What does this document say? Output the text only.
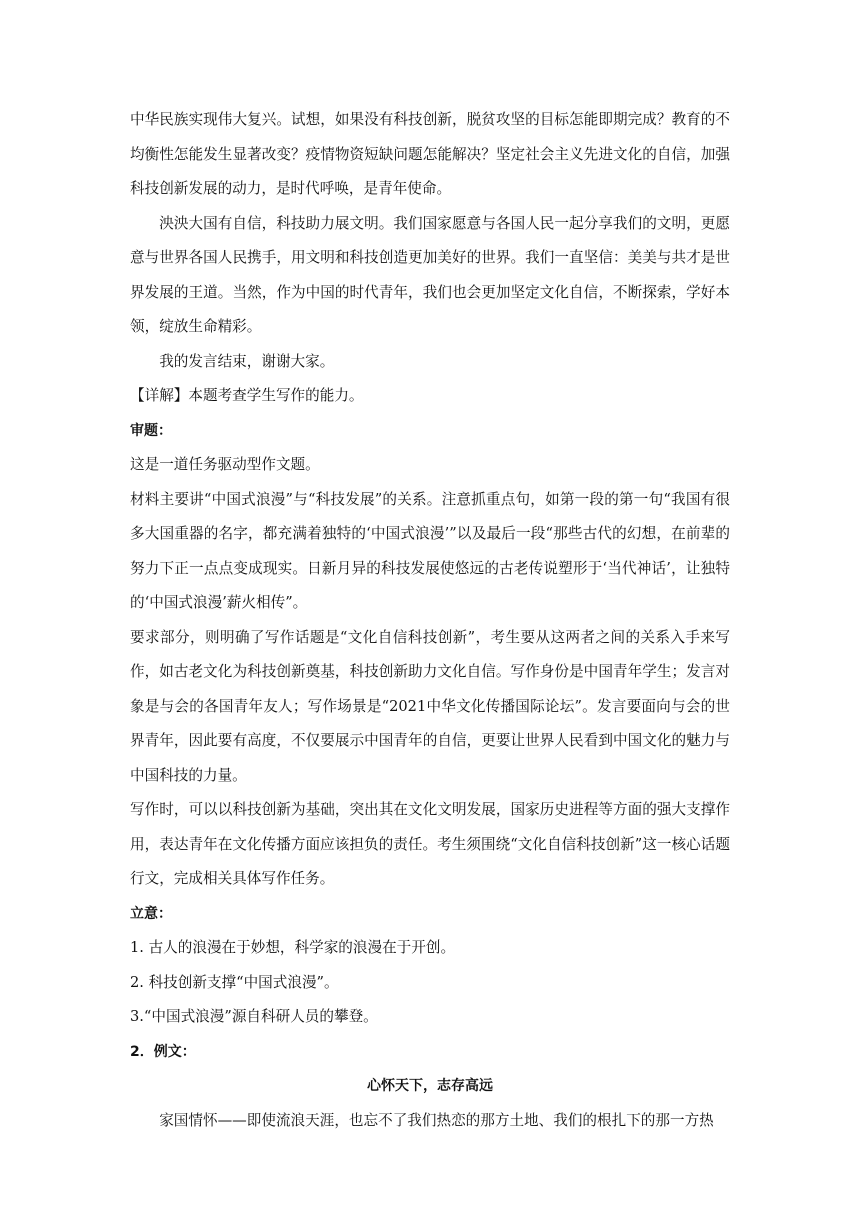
中华民族实现伟大复兴。试想，如果没有科技创新，脱贫攻坚的目标怎能即期完成？教育的不均衡性怎能发生显著改变？疫情物资短缺问题怎能解决？坚定社会主义先进文化的自信，加强科技创新发展的动力，是时代呼唤，是青年使命。

泱泱大国有自信，科技助力展文明。我们国家愿意与各国人民一起分享我们的文明，更愿意与世界各国人民携手，用文明和科技创造更加美好的世界。我们一直坚信：美美与共才是世界发展的王道。当然，作为中国的时代青年，我们也会更加坚定文化自信，不断探索，学好本领，绽放生命精彩。

我的发言结束，谢谢大家。

【详解】本题考查学生写作的能力。

审题：

这是一道任务驱动型作文题。

材料主要讲“中国式浪漫”与“科技发展”的关系。注意抓重点句，如第一段的第一句“我国有很多大国重器的名字，都充满着独特的‘中国式浪漫’”以及最后一段“那些古代的幻想，在前辈的努力下正一点点变成现实。日新月异的科技发展使悠远的古老传说塑形于‘当代神话’，让独特的‘中国式浪漫’薪火相传”。

要求部分，则明确了写作话题是“文化自信科技创新”，考生要从这两者之间的关系入手来写作，如古老文化为科技创新奠基，科技创新助力文化自信。写作身份是中国青年学生；发言对象是与会的各国青年友人；写作场景是“2021中华文化传播国际论坛”。发言要面向与会的世界青年，因此要有高度，不仅要展示中国青年的自信，更要让世界人民看到中国文化的魅力与中国科技的力量。

写作时，可以以科技创新为基础，突出其在文化文明发展，国家历史进程等方面的强大支撑作用，表达青年在文化传播方面应该担负的责任。考生须围绕“文化自信科技创新”这一核心话题行文，完成相关具体写作任务。

立意：

1. 古人的浪漫在于妙想，科学家的浪漫在于开创。

2. 科技创新支撑“中国式浪漫”。

3.“中国式浪漫”源自科研人员的攀登。

2．例文：

心怀天下，志存高远

家国情怀——即使流浪天涯，也忘不了我们热恋的那方土地、我们的根扎下的那一方热
